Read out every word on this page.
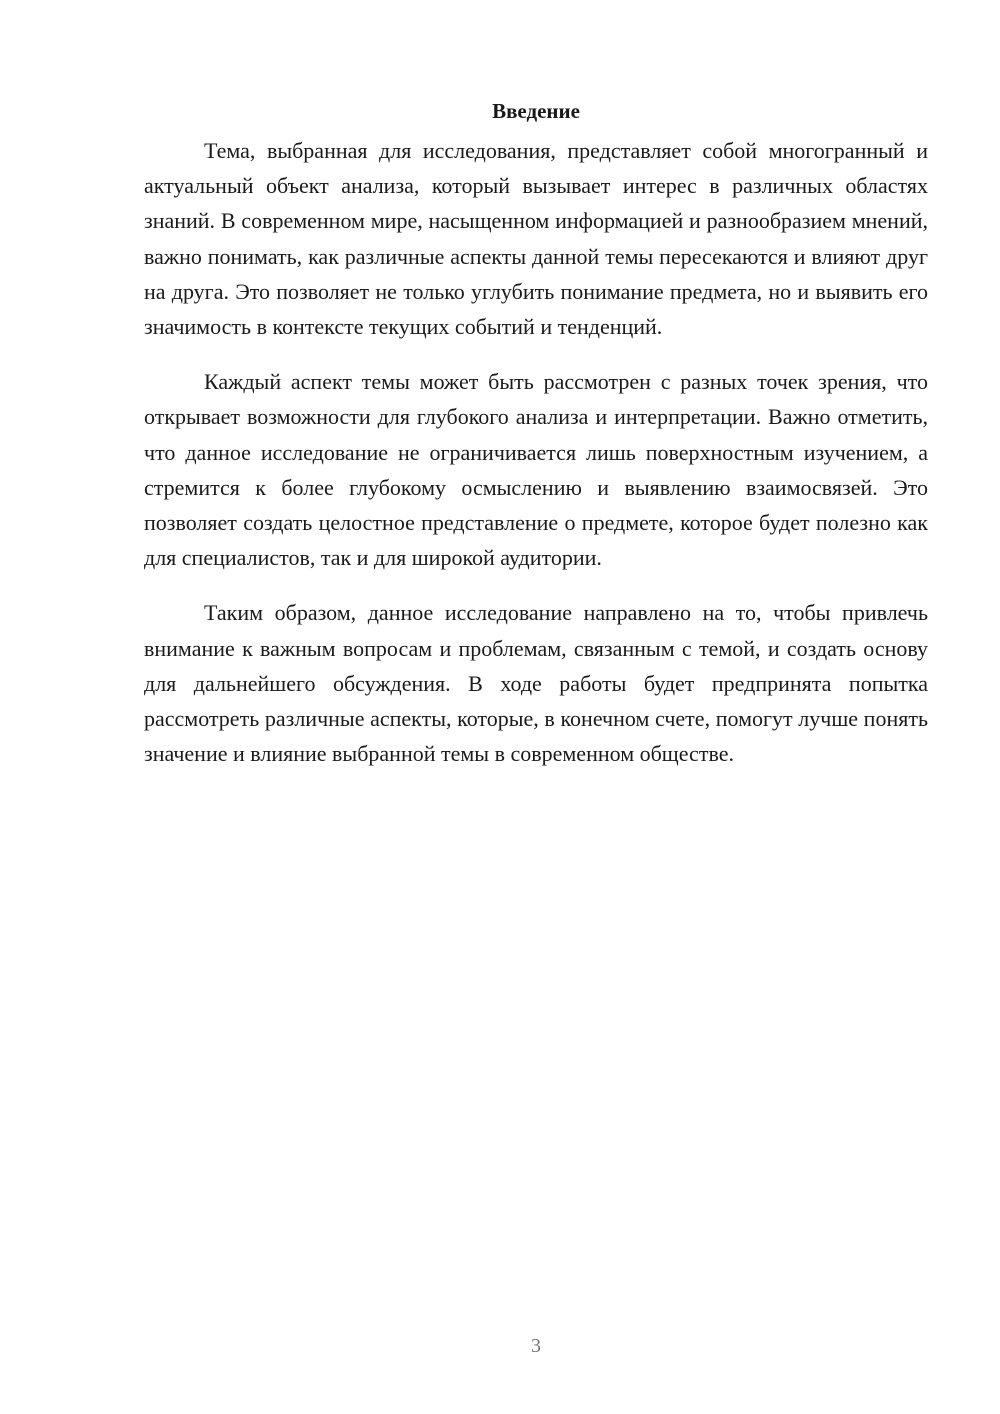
Введение

Тема, выбранная для исследования, представляет собой многогранный и актуальный объект анализа, который вызывает интерес в различных областях знаний. В современном мире, насыщенном информацией и разнообразием мнений, важно понимать, как различные аспекты данной темы пересекаются и влияют друг на друга. Это позволяет не только углубить понимание предмета, но и выявить его значимость в контексте текущих событий и тенденций.

Каждый аспект темы может быть рассмотрен с разных точек зрения, что открывает возможности для глубокого анализа и интерпретации. Важно отметить, что данное исследование не ограничивается лишь поверхностным изучением, а стремится к более глубокому осмыслению и выявлению взаимосвязей. Это позволяет создать целостное представление о предмете, которое будет полезно как для специалистов, так и для широкой аудитории.

Таким образом, данное исследование направлено на то, чтобы привлечь внимание к важным вопросам и проблемам, связанным с темой, и создать основу для дальнейшего обсуждения. В ходе работы будет предпринята попытка рассмотреть различные аспекты, которые, в конечном счете, помогут лучше понять значение и влияние выбранной темы в современном обществе.

3
